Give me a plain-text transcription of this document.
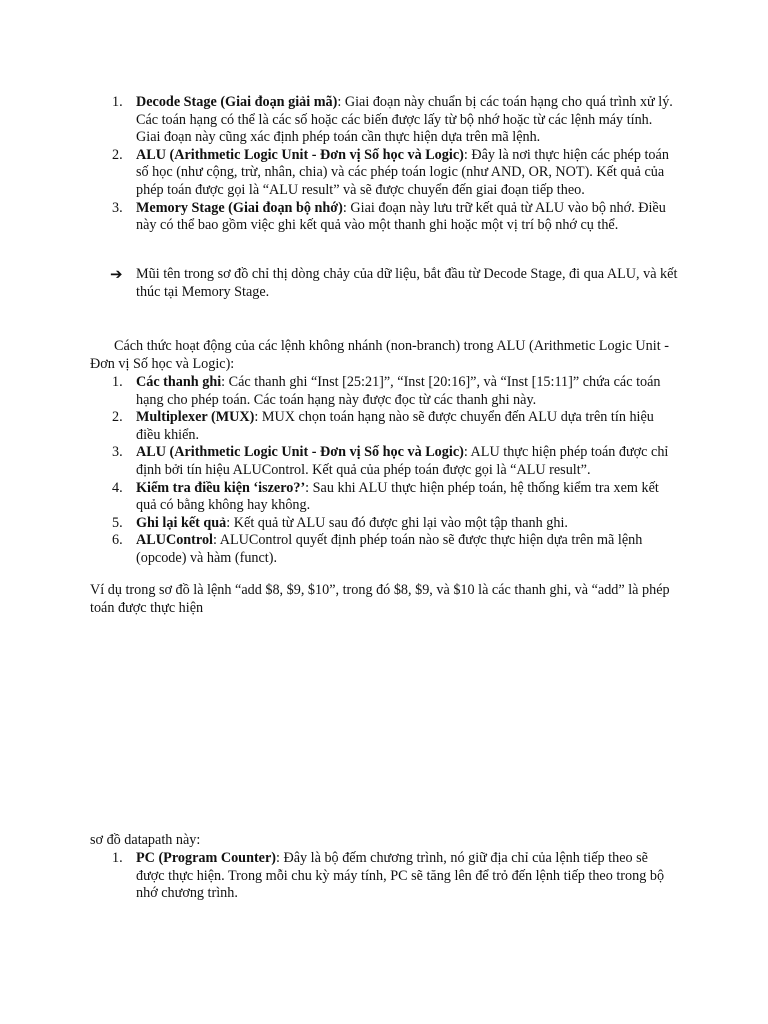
1. Decode Stage (Giai đoạn giải mã): Giai đoạn này chuẩn bị các toán hạng cho quá trình xử lý. Các toán hạng có thể là các số hoặc các biến được lấy từ bộ nhớ hoặc từ các lệnh máy tính. Giai đoạn này cũng xác định phép toán cần thực hiện dựa trên mã lệnh.
2. ALU (Arithmetic Logic Unit - Đơn vị Số học và Logic): Đây là nơi thực hiện các phép toán số học (như cộng, trừ, nhân, chia) và các phép toán logic (như AND, OR, NOT). Kết quả của phép toán được gọi là “ALU result” và sẽ được chuyển đến giai đoạn tiếp theo.
3. Memory Stage (Giai đoạn bộ nhớ): Giai đoạn này lưu trữ kết quả từ ALU vào bộ nhớ. Điều này có thể bao gồm việc ghi kết quả vào một thanh ghi hoặc một vị trí bộ nhớ cụ thể.
➔ Mũi tên trong sơ đồ chỉ thị dòng chảy của dữ liệu, bắt đầu từ Decode Stage, đi qua ALU, và kết thúc tại Memory Stage.

Cách thức hoạt động của các lệnh không nhánh (non-branch) trong ALU (Arithmetic Logic Unit - Đơn vị Số học và Logic):

1. Các thanh ghi: Các thanh ghi “Inst [25:21]”, “Inst [20:16]”, và “Inst [15:11]” chứa các toán hạng cho phép toán. Các toán hạng này được đọc từ các thanh ghi này.
2. Multiplexer (MUX): MUX chọn toán hạng nào sẽ được chuyển đến ALU dựa trên tín hiệu điều khiển.
3. ALU (Arithmetic Logic Unit - Đơn vị Số học và Logic): ALU thực hiện phép toán được chỉ định bởi tín hiệu ALUControl. Kết quả của phép toán được gọi là “ALU result”.
4. Kiểm tra điều kiện ‘iszero?’: Sau khi ALU thực hiện phép toán, hệ thống kiểm tra xem kết quả có bằng không hay không.
5. Ghi lại kết quả: Kết quả từ ALU sau đó được ghi lại vào một tập thanh ghi.
6. ALUControl: ALUControl quyết định phép toán nào sẽ được thực hiện dựa trên mã lệnh (opcode) và hàm (funct).

Ví dụ trong sơ đồ là lệnh “add $8, $9, $10”, trong đó $8, $9, và $10 là các thanh ghi, và “add” là phép toán được thực hiện

sơ đồ datapath này:

1. PC (Program Counter): Đây là bộ đếm chương trình, nó giữ địa chỉ của lệnh tiếp theo sẽ được thực hiện. Trong mỗi chu kỳ máy tính, PC sẽ tăng lên để trỏ đến lệnh tiếp theo trong bộ nhớ chương trình.
